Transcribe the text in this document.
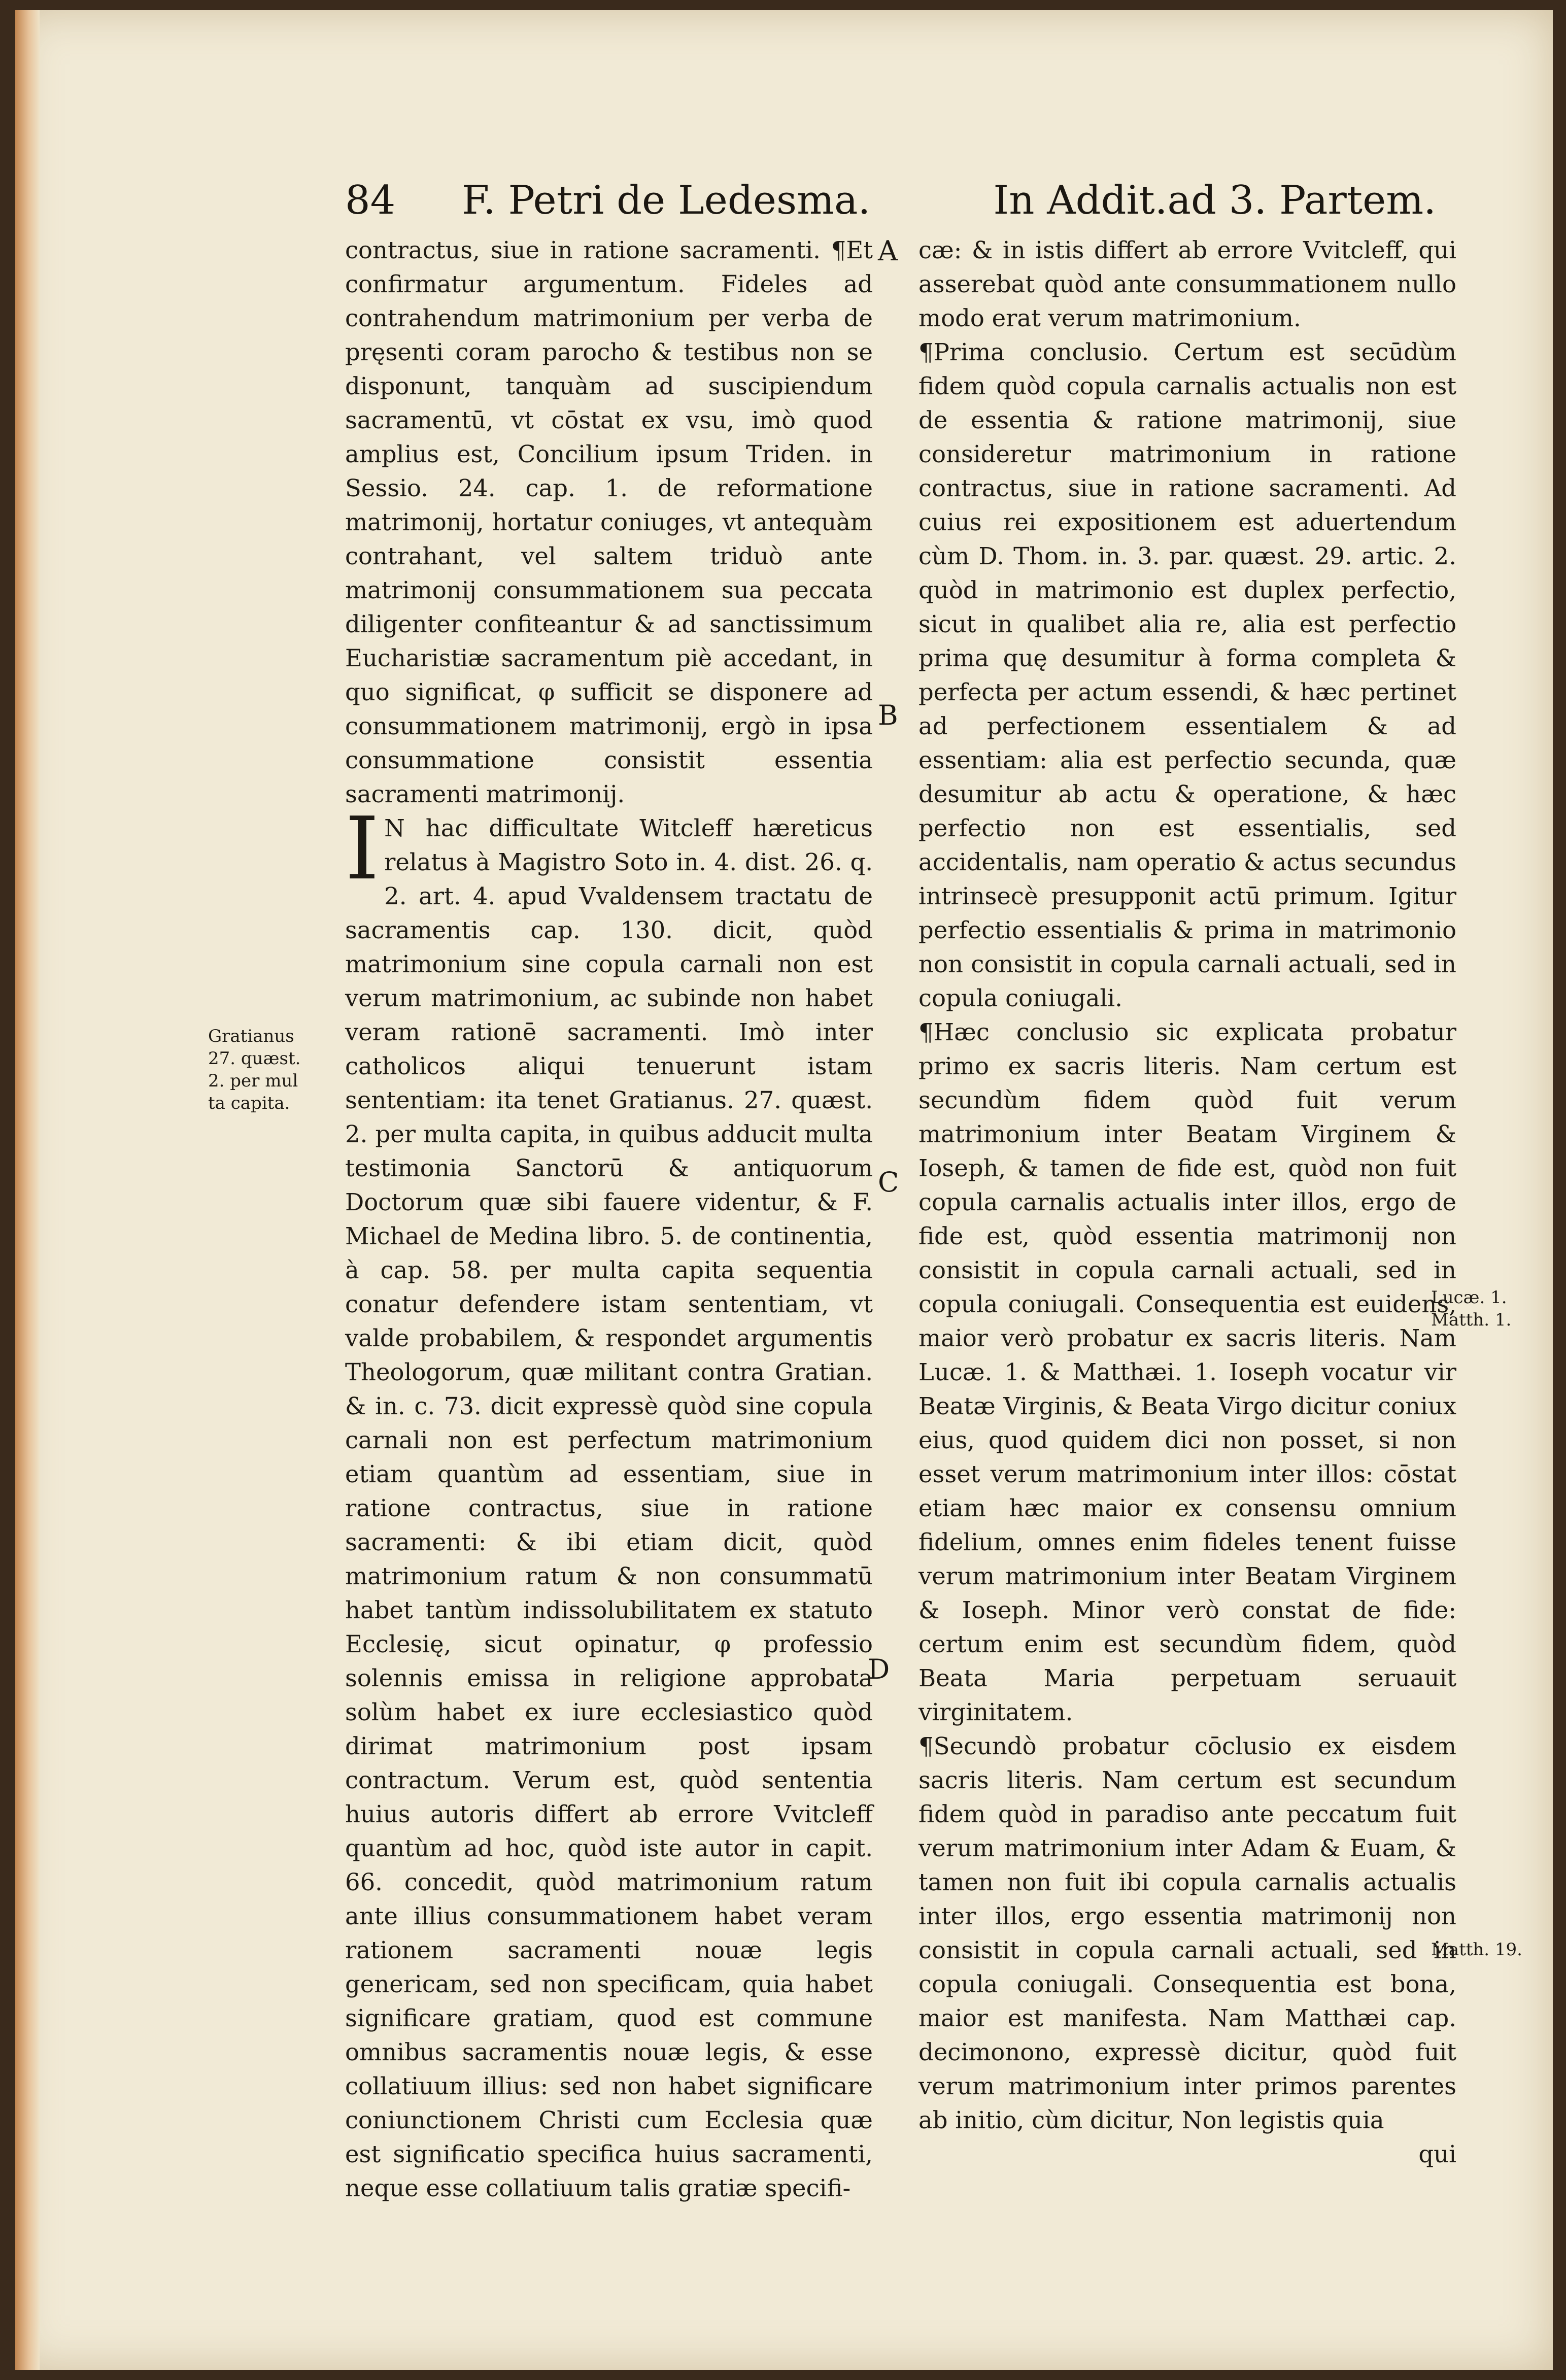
84 F. Petri de Ledesma.	In Addit.ad 3. Partem.

contractus, siue in ratione sacramenti. ¶Et confirmatur argumentum. Fideles ad contrahendum matrimonium per verba de pręsenti coram parocho & testibus non se disponunt, tanquàm ad suscipiendum sacramentū, vt cōstat ex vsu, imò quod amplius est, Concilium ipsum Triden. in Sessio. 24. cap. 1. de reformatione matrimonij, hortatur coniuges, vt antequàm contrahant, vel saltem triduò ante matrimonij consummationem sua peccata diligenter confiteantur & ad sanctissimum Eucharistiæ sacramentum piè accedant, in quo significat, φ sufficit se disponere ad consummationem matrimonij, ergò in ipsa consummatione consistit essentia sacramenti matrimonij.

IN hac difficultate Witcleff hæreticus relatus à Magistro Soto in. 4. dist. 26. q. 2. art. 4. apud Vvaldensem tractatu de sacramentis cap. 130. dicit, quòd matrimonium sine copula carnali non est verum matrimonium, ac subinde non habet veram rationē sacramenti. Imò inter catholicos aliqui tenuerunt istam sententiam: ita tenet Gratianus. 27. quæst. 2. per multa capita, in quibus adducit multa testimonia Sanctorū & antiquorum Doctorum quæ sibi fauere videntur, & F. Michael de Medina libro. 5. de continentia, à cap. 58. per multa capita sequentia conatur defendere istam sententiam, vt valde probabilem, & respondet argumentis Theologorum, quæ militant contra Gratian. & in. c. 73. dicit expressè quòd sine copula carnali non est perfectum matrimonium etiam quantùm ad essentiam, siue in ratione contractus, siue in ratione sacramenti: & ibi etiam dicit, quòd matrimonium ratum & non consummatū habet tantùm indissolubilitatem ex statuto Ecclesię, sicut opinatur, φ professio solennis emissa in religione approbata solùm habet ex iure ecclesiastico quòd dirimat matrimonium post ipsam contractum. Verum est, quòd sententia huius autoris differt ab errore Vvitcleff quantùm ad hoc, quòd iste autor in capit. 66. concedit, quòd matrimonium ratum ante illius consummationem habet veram rationem sacramenti nouæ legis genericam, sed non specificam, quia habet significare gratiam, quod est commune omnibus sacramentis nouæ legis, & esse collatiuum illius: sed non habet significare coniunctionem Christi cum Ecclesia quæ est significatio specifica huius sacramenti, neque esse collatiuum talis gratiæ specifi-

A
B
C
D
Gratianus
27. quæst.
2. per mul
ta capita.
Lucæ. 1.
Matth. 1.
Matth. 19.

cæ: & in istis differt ab errore Vvitcleff, qui asserebat quòd ante consummationem nullo modo erat verum matrimonium.

¶Prima conclusio. Certum est secūdùm fidem quòd copula carnalis actualis non est de essentia & ratione matrimonij, siue consideretur matrimonium in ratione contractus, siue in ratione sacramenti. Ad cuius rei expositionem est aduertendum cùm D. Thom. in. 3. par. quæst. 29. artic. 2. quòd in matrimonio est duplex perfectio, sicut in qualibet alia re, alia est perfectio prima quę desumitur à forma completa & perfecta per actum essendi, & hæc pertinet ad perfectionem essentialem & ad essentiam: alia est perfectio secunda, quæ desumitur ab actu & operatione, & hæc perfectio non est essentialis, sed accidentalis, nam operatio & actus secundus intrinsecè presupponit actū primum. Igitur perfectio essentialis & prima in matrimonio non consistit in copula carnali actuali, sed in copula coniugali.

¶Hæc conclusio sic explicata probatur primo ex sacris literis. Nam certum est secundùm fidem quòd fuit verum matrimonium inter Beatam Virginem & Ioseph, & tamen de fide est, quòd non fuit copula carnalis actualis inter illos, ergo de fide est, quòd essentia matrimonij non consistit in copula carnali actuali, sed in copula coniugali. Consequentia est euidens, maior verò probatur ex sacris literis. Nam Lucæ. 1. & Matthæi. 1. Ioseph vocatur vir Beatæ Virginis, & Beata Virgo dicitur coniux eius, quod quidem dici non posset, si non esset verum matrimonium inter illos: cōstat etiam hæc maior ex consensu omnium fidelium, omnes enim fideles tenent fuisse verum matrimonium inter Beatam Virginem & Ioseph. Minor verò constat de fide: certum enim est secundùm fidem, quòd Beata Maria perpetuam seruauit virginitatem.

¶Secundò probatur cōclusio ex eisdem sacris literis. Nam certum est secundum fidem quòd in paradiso ante peccatum fuit verum matrimonium inter Adam & Euam, & tamen non fuit ibi copula carnalis actualis inter illos, ergo essentia matrimonij non consistit in copula carnali actuali, sed in copula coniugali. Consequentia est bona, maior est manifesta. Nam Matthæi cap. decimonono, expressè dicitur, quòd fuit verum matrimonium inter primos parentes ab initio, cùm dicitur, Non legistis quia

qui
